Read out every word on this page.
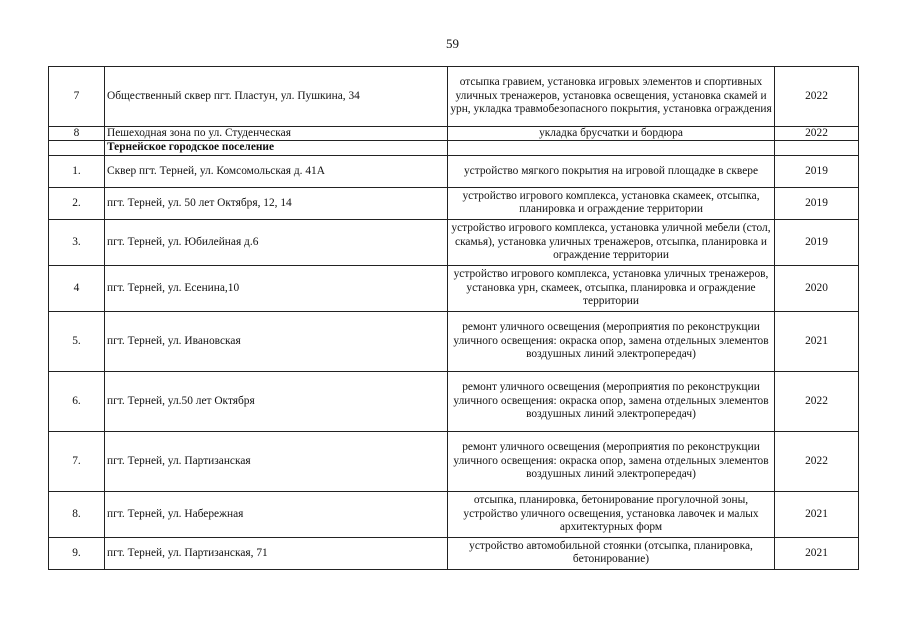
59
7	Общественный сквер пгт. Пластун, ул. Пушкина, 34	отсыпка гравием, установка игровых элементов и спортивных уличных тренажеров, установка освещения, установка скамей и урн, укладка травмобезопасного покрытия, установка ограждения	2022
8	Пешеходная зона по ул. Студенческая	укладка брусчатки и бордюра	2022
	Тернейское городское поселение		
1.	Сквер пгт. Терней, ул. Комсомольская д. 41А	устройство мягкого покрытия на игровой площадке в сквере	2019
2.	пгт. Терней, ул. 50 лет Октября, 12, 14	устройство игрового комплекса, установка скамеек, отсыпка, планировка и ограждение территории	2019
3.	пгт. Терней, ул. Юбилейная д.6	устройство игрового комплекса, установка уличной мебели (стол, скамья), установка уличных тренажеров, отсыпка, планировка и ограждение территории	2019
4	пгт. Терней, ул. Есенина,10	устройство игрового комплекса, установка уличных тренажеров, установка урн, скамеек, отсыпка, планировка и ограждение территории	2020
5.	пгт. Терней, ул. Ивановская	ремонт уличного освещения (мероприятия по реконструкции уличного освещения: окраска опор, замена отдельных элементов воздушных линий электропередач)	2021
6.	пгт. Терней, ул.50 лет Октября	ремонт уличного освещения (мероприятия по реконструкции уличного освещения: окраска опор, замена отдельных элементов воздушных линий электропередач)	2022
7.	пгт. Терней, ул. Партизанская	ремонт уличного освещения (мероприятия по реконструкции уличного освещения: окраска опор, замена отдельных элементов воздушных линий электропередач)	2022
8.	пгт. Терней, ул. Набережная	отсыпка, планировка, бетонирование прогулочной зоны, устройство уличного освещения, установка лавочек и малых архитектурных форм	2021
9.	пгт. Терней, ул. Партизанская, 71	устройство автомобильной стоянки (отсыпка, планировка, бетонирование)	2021
